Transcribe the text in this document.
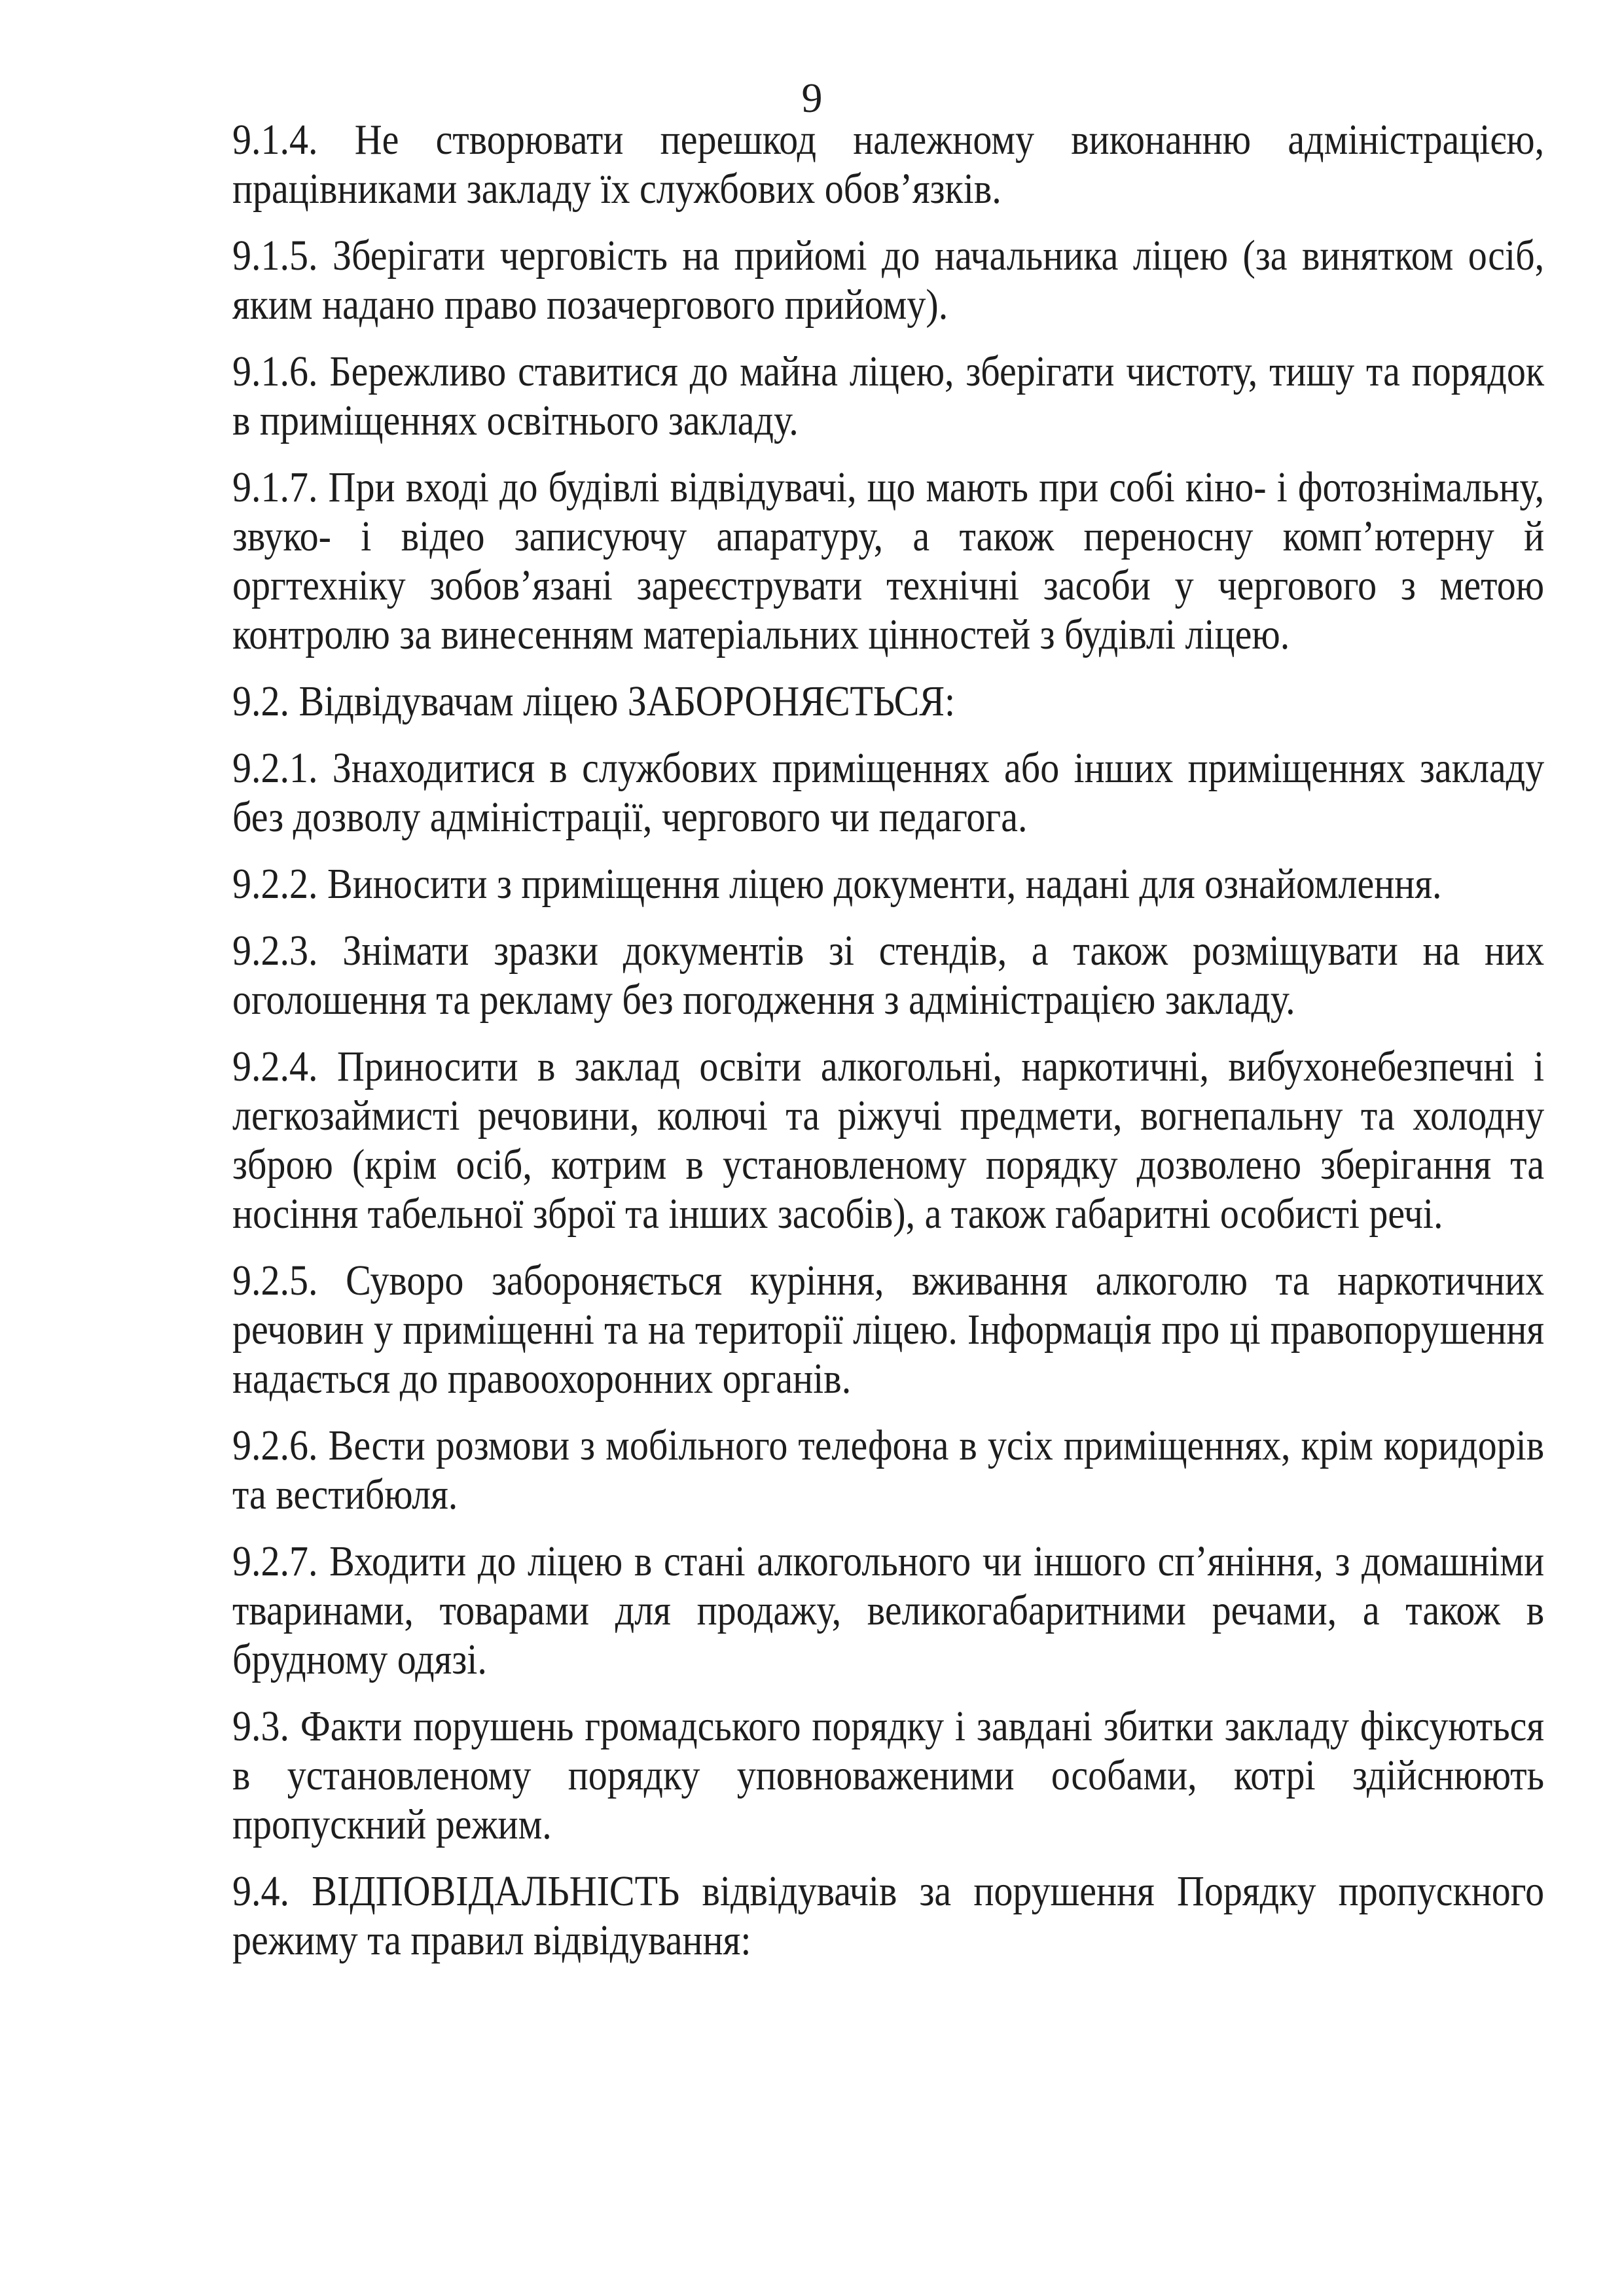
9

9.1.4. Не створювати перешкод належному виконанню адміністрацією, працівниками закладу їх службових обов’язків.

9.1.5. Зберігати черговість на прийомі до начальника ліцею (за винятком осіб, яким надано право позачергового прийому).

9.1.6. Бережливо ставитися до майна ліцею, зберігати чистоту, тишу та порядок в приміщеннях освітнього закладу.

9.1.7. При вході до будівлі відвідувачі, що мають при собі кіно- і фотознімальну, звуко- і відео записуючу апаратуру, а також переносну комп’ютерну й оргтехніку зобов’язані зареєструвати технічні засоби у чергового з метою контролю за винесенням матеріальних цінностей з будівлі ліцею.

9.2. Відвідувачам ліцею ЗАБОРОНЯЄТЬСЯ:

9.2.1. Знаходитися в службових приміщеннях або інших приміщеннях закладу без дозволу адміністрації, чергового чи педагога.

9.2.2. Виносити з приміщення ліцею документи, надані для ознайомлення.

9.2.3. Знімати зразки документів зі стендів, а також розміщувати на них оголошення та рекламу без погодження з адміністрацією закладу.

9.2.4. Приносити в заклад освіти алкогольні, наркотичні, вибухонебезпечні і легкозаймисті речовини, колючі та ріжучі предмети, вогнепальну та холодну зброю (крім осіб, котрим в установленому порядку дозволено зберігання та носіння табельної зброї та інших засобів), а також габаритні особисті речі.

9.2.5. Суворо забороняється куріння, вживання алкоголю та наркотичних речовин у приміщенні та на території ліцею. Інформація про ці правопорушення надається до правоохоронних органів.

9.2.6. Вести розмови з мобільного телефона в усіх приміщеннях, крім коридорів та вестибюля.

9.2.7. Входити до ліцею в стані алкогольного чи іншого сп’яніння, з домашніми тваринами, товарами для продажу, великогабаритними речами, а також в брудному одязі.

9.3. Факти порушень громадського порядку і завдані збитки закладу фіксуються в установленому порядку уповноваженими особами, котрі здійснюють пропускний режим.

9.4. ВІДПОВІДАЛЬНІСТЬ відвідувачів за порушення Порядку пропускного режиму та правил відвідування:
